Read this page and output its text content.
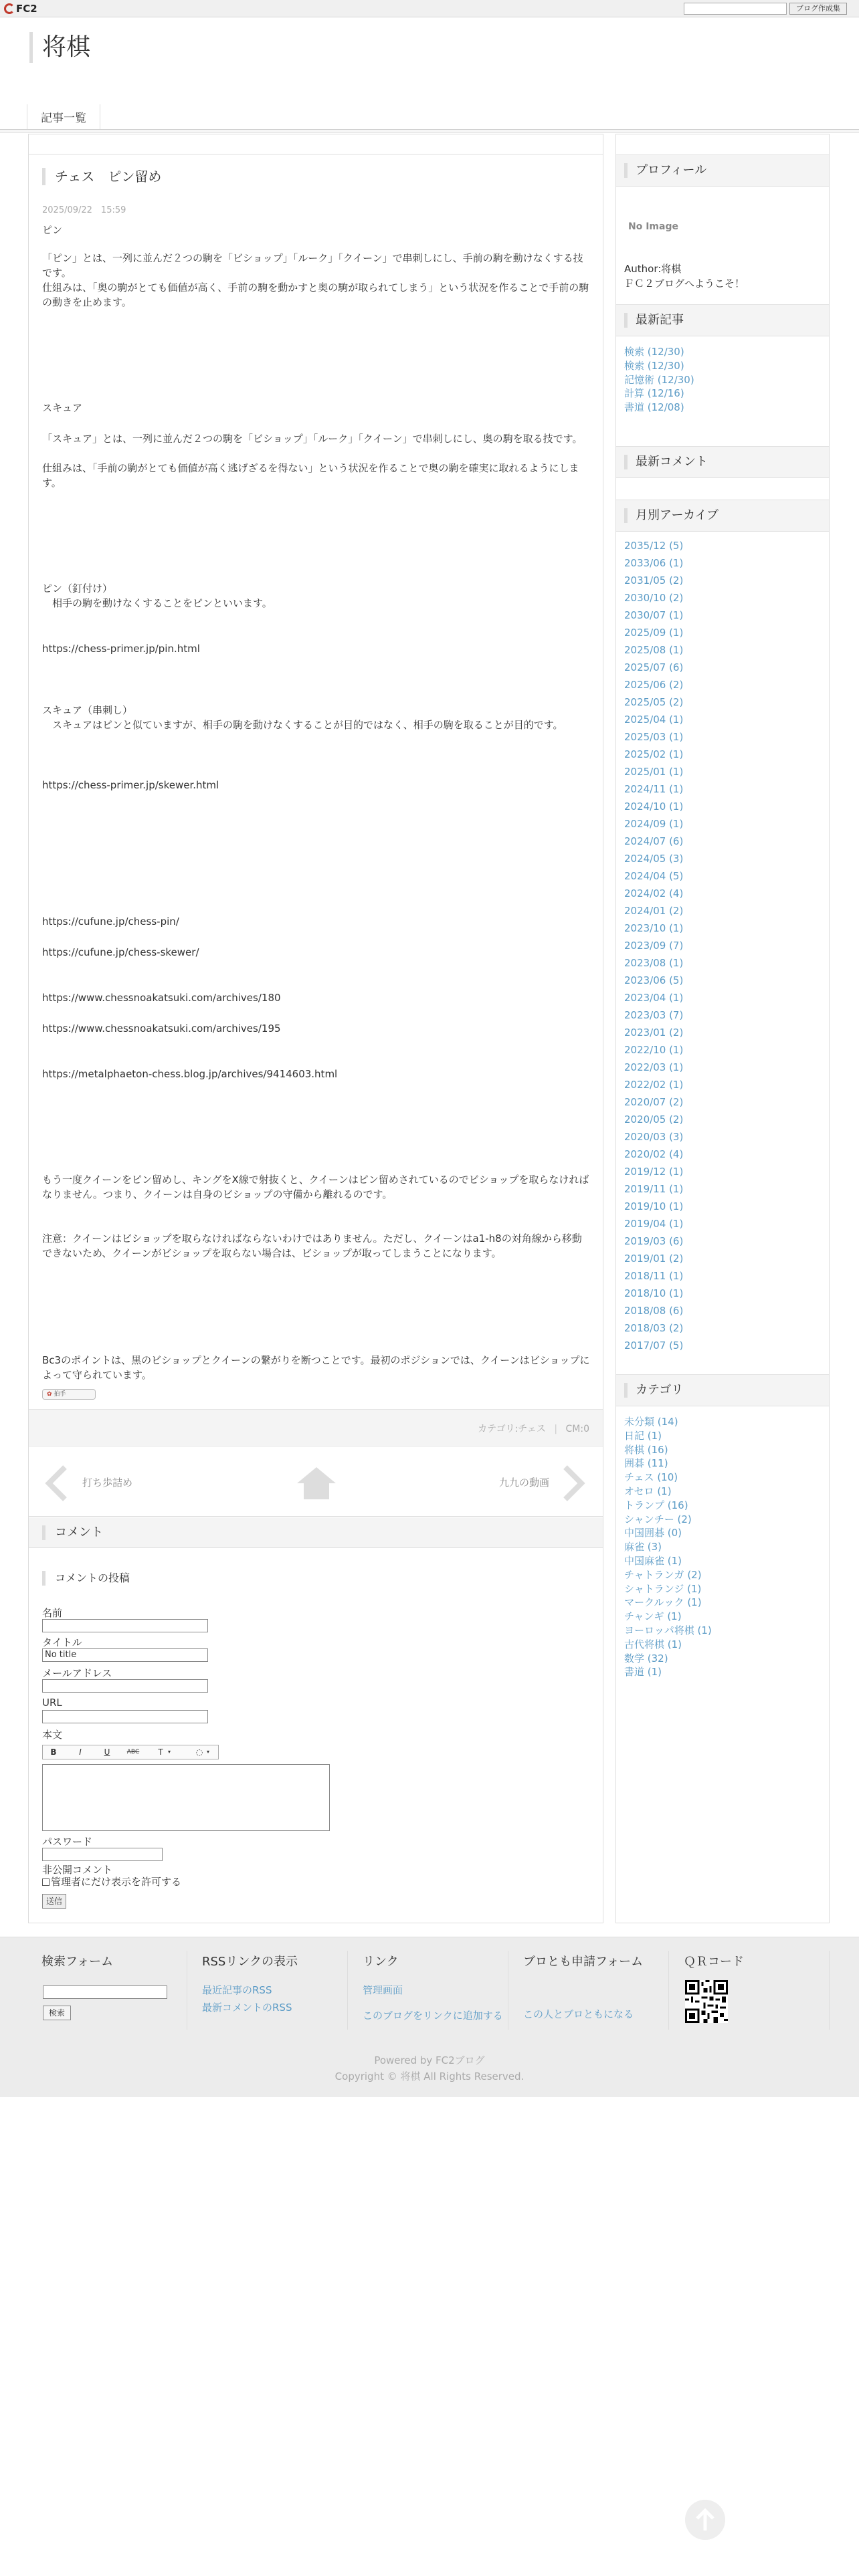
FC2	ブログ作成集
将棋
記事一覧
チェス　ピン留め
2025/09/22　15:59
ピン
「ピン」とは、一列に並んだ２つの駒を「ビショップ」「ルーク」「クイーン」で串刺しにし、手前の駒を動けなくする技です。
仕組みは、「奥の駒がとても価値が高く、手前の駒を動かすと奥の駒が取られてしまう」という状況を作ることで手前の駒の動きを止めます。
スキュア
「スキュア」とは、一列に並んだ２つの駒を「ビショップ」「ルーク」「クイーン」で串刺しにし、奥の駒を取る技です。
仕組みは、「手前の駒がとても価値が高く逃げざるを得ない」という状況を作ることで奥の駒を確実に取れるようにします。
ピン（釘付け）
　相手の駒を動けなくすることをピンといいます。
https://chess-primer.jp/pin.html
スキュア（串刺し）
　スキュアはピンと似ていますが、相手の駒を動けなくすることが目的ではなく、相手の駒を取ることが目的です。
https://chess-primer.jp/skewer.html
https://cufune.jp/chess-pin/
https://cufune.jp/chess-skewer/
https://www.chessnoakatsuki.com/archives/180
https://www.chessnoakatsuki.com/archives/195
https://metalphaeton-chess.blog.jp/archives/9414603.html
もう一度クイーンをピン留めし、キングをX線で射抜くと、クイーンはピン留めされているのでビショップを取らなければなりません。つまり、クイーンは自身のビショップの守備から離れるのです。
注意：クイーンはビショップを取らなければならないわけではありません。ただし、クイーンはa1-h8の対角線から移動できないため、クイーンがビショップを取らない場合は、ビショップが取ってしまうことになります。
Bc3のポイントは、黒のビショップとクイーンの繋がりを断つことです。最初のポジションでは、クイーンはビショップによって守られています。
✿ 拍手
カテゴリ:チェス | CM:0
打ち歩詰め	九九の動画
コメント
コメントの投稿
名前
タイトル
No title
メールアドレス
URL
本文
B	I	U	ABC	T ▾	◌ ▾
パスワード
非公開コメント
管理者にだけ表示を許可する
送信
プロフィール
No Image
Author:将棋
ＦＣ２ブログへようこそ！
最新記事
検索 (12/30)
検索 (12/30)
記憶術 (12/30)
計算 (12/16)
書道 (12/08)
最新コメント
月別アーカイブ
2035/12 (5)
2033/06 (1)
2031/05 (2)
2030/10 (2)
2030/07 (1)
2025/09 (1)
2025/08 (1)
2025/07 (6)
2025/06 (2)
2025/05 (2)
2025/04 (1)
2025/03 (1)
2025/02 (1)
2025/01 (1)
2024/11 (1)
2024/10 (1)
2024/09 (1)
2024/07 (6)
2024/05 (3)
2024/04 (5)
2024/02 (4)
2024/01 (2)
2023/10 (1)
2023/09 (7)
2023/08 (1)
2023/06 (5)
2023/04 (1)
2023/03 (7)
2023/01 (2)
2022/10 (1)
2022/03 (1)
2022/02 (1)
2020/07 (2)
2020/05 (2)
2020/03 (3)
2020/02 (4)
2019/12 (1)
2019/11 (1)
2019/10 (1)
2019/04 (1)
2019/03 (6)
2019/01 (2)
2018/11 (1)
2018/10 (1)
2018/08 (6)
2018/03 (2)
2017/07 (5)
カテゴリ
未分類 (14)
日記 (1)
将棋 (16)
囲碁 (11)
チェス (10)
オセロ (1)
トランプ (16)
シャンチー (2)
中国囲碁 (0)
麻雀 (3)
中国麻雀 (1)
チャトランガ (2)
シャトランジ (1)
マークルック (1)
チャンギ (1)
ヨーロッパ将棋 (1)
古代将棋 (1)
数学 (32)
書道 (1)
検索フォーム
検索
RSSリンクの表示
最近記事のRSS
最新コメントのRSS
リンク
管理画面
このブログをリンクに追加する
ブロとも申請フォーム
この人とブロともになる
ＱＲコード
Powered by FC2ブログ
Copyright © 将棋 All Rights Reserved.
